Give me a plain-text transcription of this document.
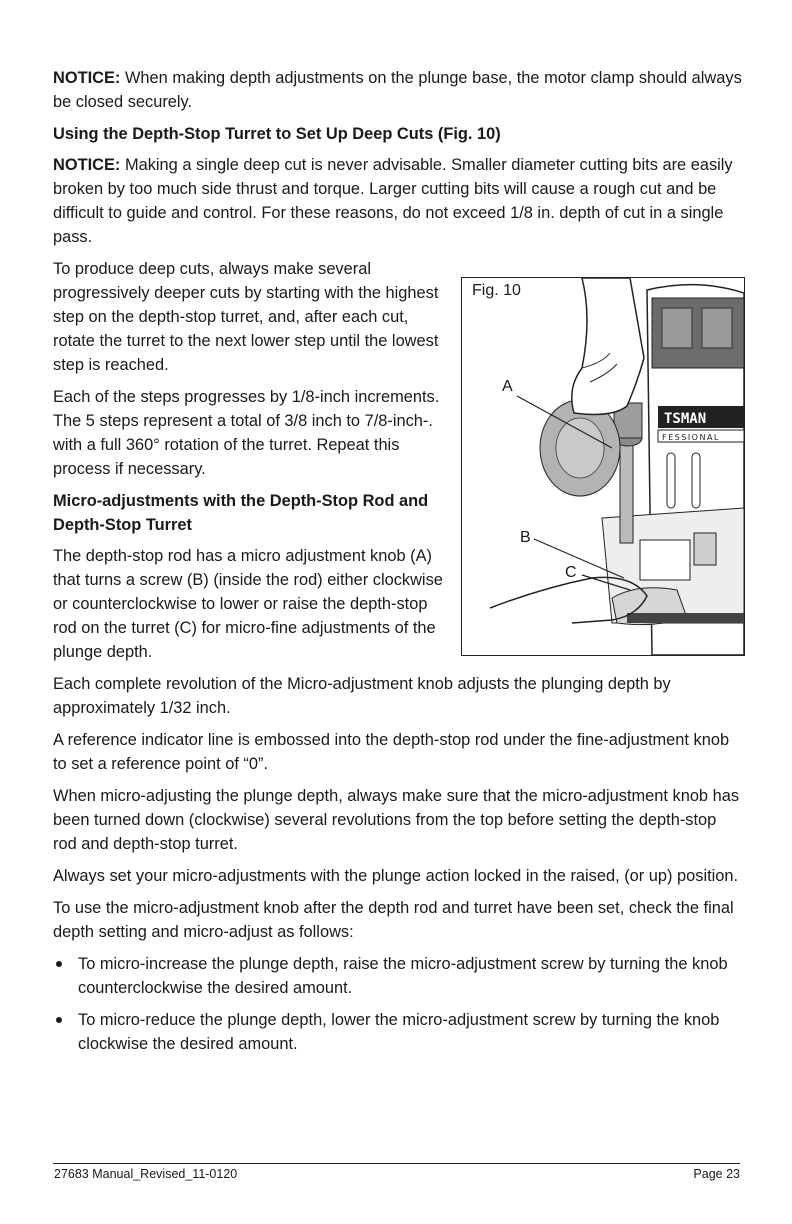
NOTICE: When making depth adjustments on the plunge base, the motor clamp should always be closed securely.

Using the Depth-Stop Turret to Set Up Deep Cuts (Fig. 10)

NOTICE: Making a single deep cut is never advisable. Smaller diameter cutting bits are easily broken by too much side thrust and torque. Larger cutting bits will cause a rough cut and be difficult to guide and control. For these reasons, do not exceed 1/8 in. depth of cut in a single pass.

TSMAN
FESSIONAL
Fig. 10
A
B
C

To produce deep cuts, always make several progressively deeper cuts by starting with the highest step on the depth-stop turret, and, after each cut, rotate the turret to the next lower step until the lowest step is reached.

Each of the steps progresses by 1/8-inch increments. The 5 steps represent a total of 3/8 inch to 7/8-inch-. with a full 360° rotation of the turret. Repeat this process if necessary.

Micro-adjustments with the Depth-Stop Rod and Depth-Stop Turret

The depth-stop rod has a micro adjustment knob (A) that turns a screw (B) (inside the rod) either clockwise or counterclockwise to lower or raise the depth-stop rod on the turret (C) for micro-fine adjustments of the plunge depth.

Each complete revolution of the Micro-adjustment knob adjusts the plunging depth by approximately 1/32 inch.

A reference indicator line is embossed into the depth-stop rod under the fine-adjustment knob to set a reference point of “0”.

When micro-adjusting the plunge depth, always make sure that the micro-adjustment knob has been turned down (clockwise) several revolutions from the top before setting the depth-stop rod and depth-stop turret.

Always set your micro-adjustments with the plunge action locked in the raised, (or up) position.

To use the micro-adjustment knob after the depth rod and turret have been set, check the final depth setting and micro-adjust as follows:

To micro-increase the plunge depth, raise the micro-adjustment screw by turning the knob counterclockwise the desired amount.
To micro-reduce the plunge depth, lower the micro-adjustment screw by turning the knob clockwise the desired amount.
27683 Manual_Revised_11-0120	Page 23
